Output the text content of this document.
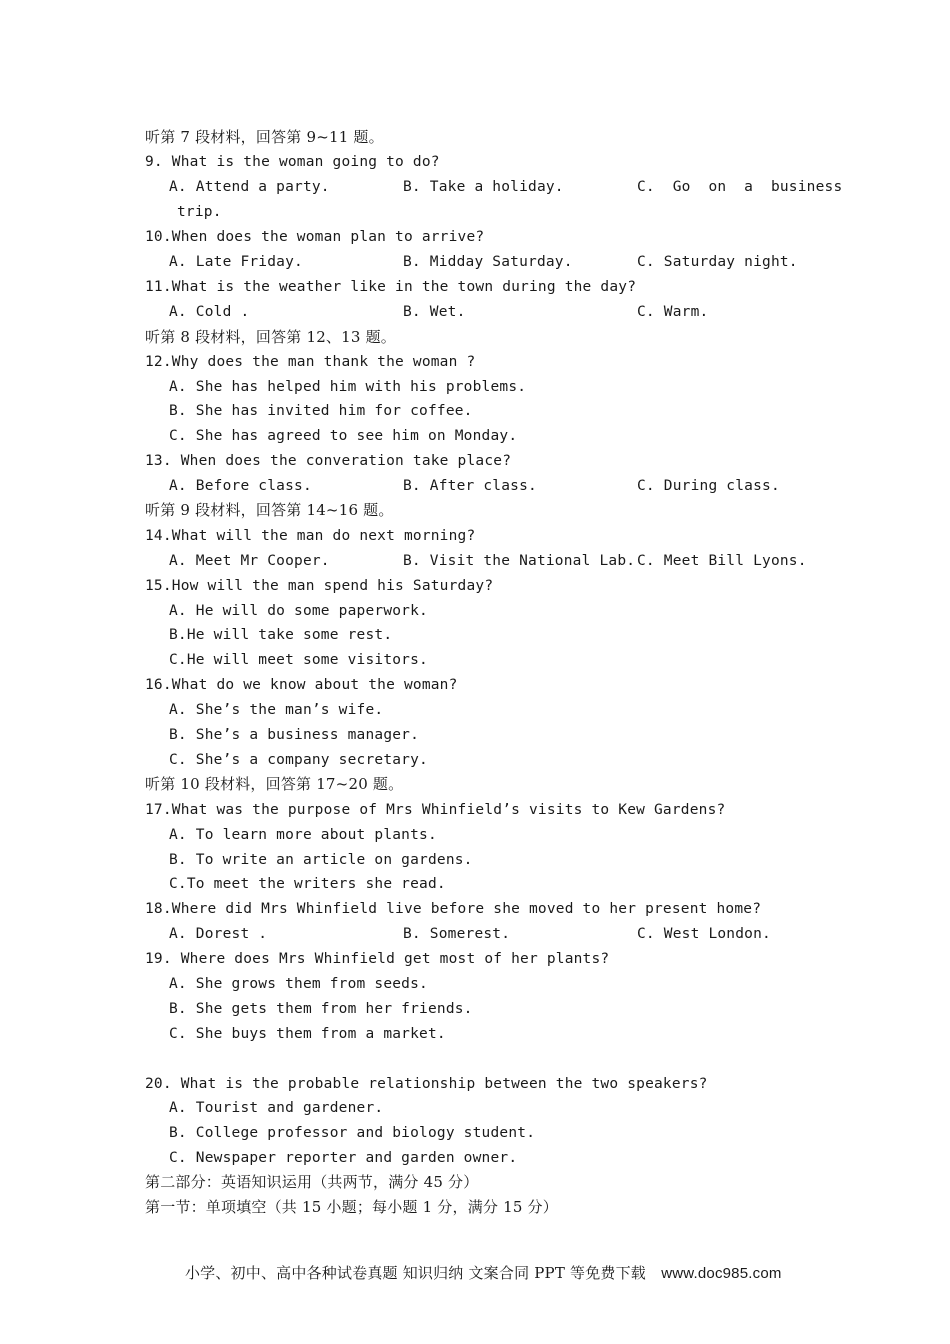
听第 7 段材料，回答第 9~11 题。
9. What is the woman going to do?
A. Attend a party.	B. Take a holiday.	C.  Go  on  a  business
trip.
10.When does the woman plan to arrive?
A. Late Friday.	B. Midday Saturday.	C. Saturday night.
11.What is the weather like in the town during the day?
A. Cold .	B. Wet.	C. Warm.
听第 8 段材料，回答第 12、13 题。
12.Why does the man thank the woman ?
A. She has helped him with his problems.
B. She has invited him for coffee.
C. She has agreed to see him on Monday.
13. When does the converation take place?
A. Before class.	B. After class.	C. During class.
听第 9 段材料，回答第 14~16 题。
14.What will the man do next morning?
A. Meet Mr Cooper.	B. Visit the National Lab. C. Meet Bill Lyons.
15.How will the man spend his Saturday?
A. He will do some paperwork.
B.He will take some rest.
C.He will meet some visitors.
16.What do we know about the woman?
A. She’s the man’s wife.
B. She’s a business manager.
C. She’s a company secretary.
听第 10 段材料，回答第 17~20 题。
17.What was the purpose of Mrs Whinfield’s visits to Kew Gardens?
A. To learn more about plants.
B. To write an article on gardens.
C.To meet the writers she read.
18.Where did Mrs Whinfield live before she moved to her present home?
A. Dorest .	B. Somerest.	C. West London.
19. Where does Mrs Whinfield get most of her plants?
A. She grows them from seeds.
B. She gets them from her friends.
C. She buys them from a market.
20. What is the probable relationship between the two speakers?
A. Tourist and gardener.
B. College professor and biology student.
C. Newspaper reporter and garden owner.
第二部分：英语知识运用（共两节，满分 45 分）
第一节：单项填空（共 15 小题；每小题 1 分，满分 15 分）

小学、初中、高中各种试卷真题 知识归纳 文案合同 PPT 等免费下载  www.doc985.com
